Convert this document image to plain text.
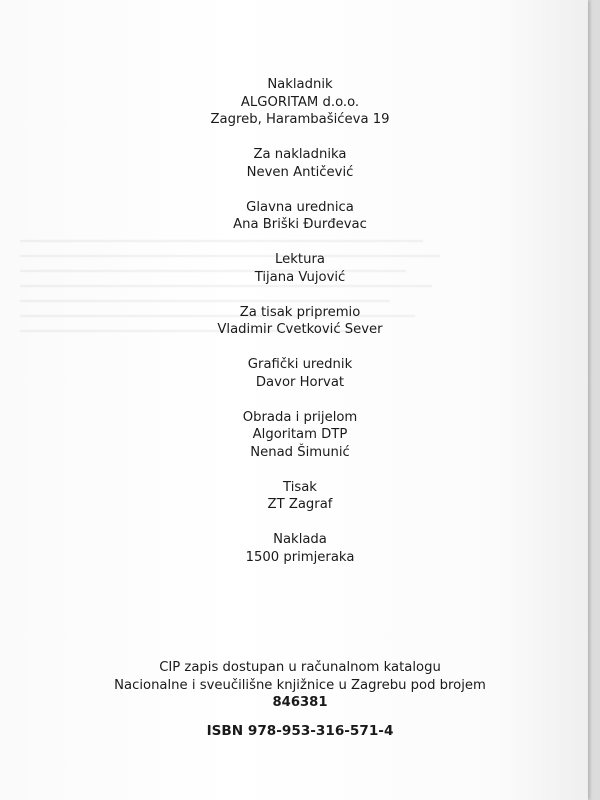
Nakladnik
ALGORITAM d.o.o.
Zagreb, Harambašićeva 19
Za nakladnika
Neven Antičević
Glavna urednica
Ana Briški Đurđevac
Lektura
Tijana Vujović
Za tisak pripremio
Vladimir Cvetković Sever
Grafički urednik
Davor Horvat
Obrada i prijelom
Algoritam DTP
Nenad Šimunić
Tisak
ZT Zagraf
Naklada
1500 primjeraka
CIP zapis dostupan u računalnom katalogu
Nacionalne i sveučilišne knjižnice u Zagrebu pod brojem
846381
ISBN 978-953-316-571-4
